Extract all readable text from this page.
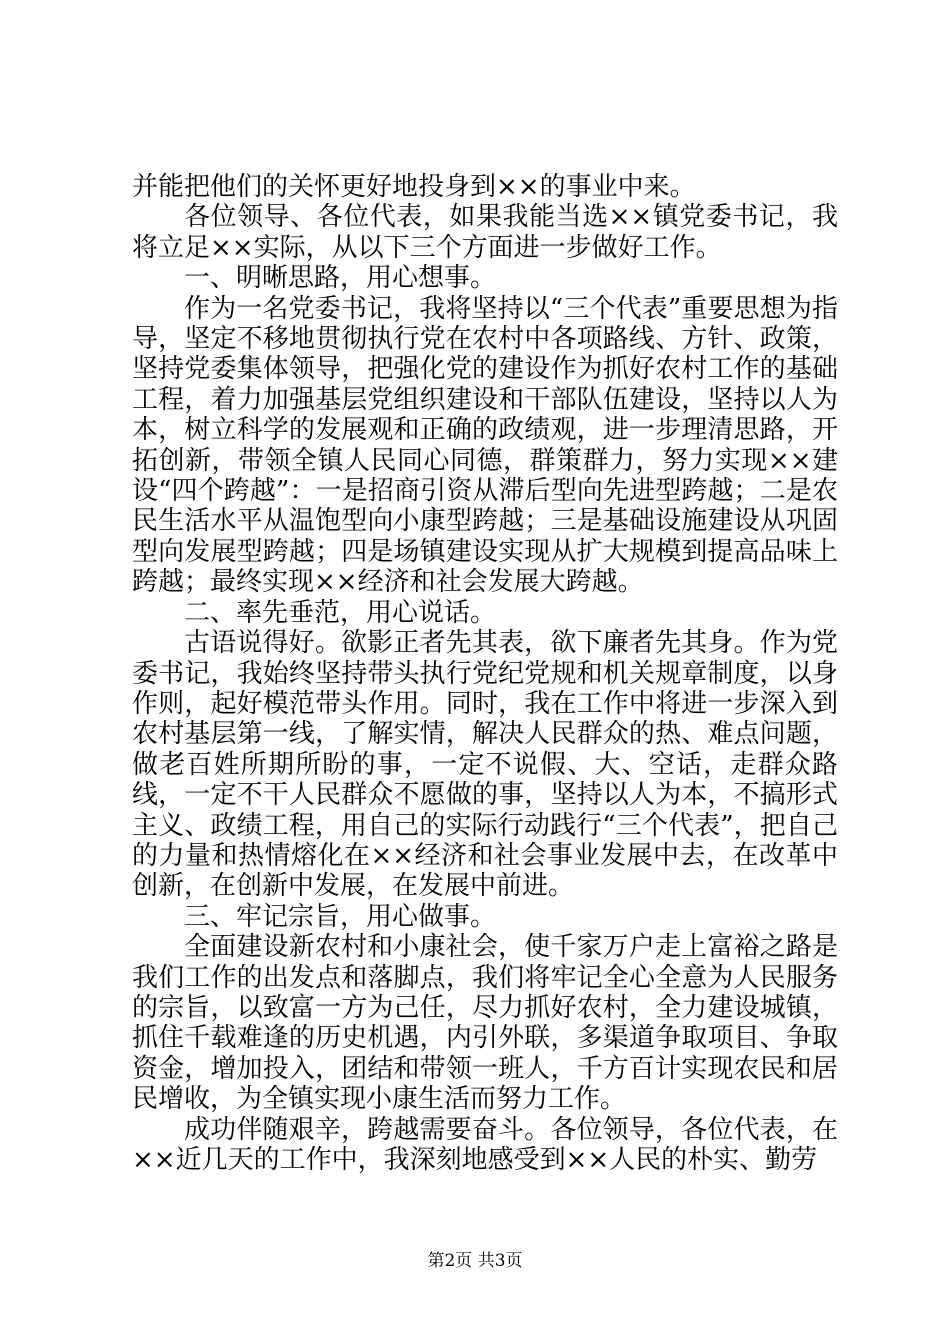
并能把他们的关怀更好地投身到××的事业中来。

各位领导、各位代表，如果我能当选××镇党委书记，我将立足××实际，从以下三个方面进一步做好工作。

一、明晰思路，用心想事。

作为一名党委书记，我将坚持以“三个代表”重要思想为指导，坚定不移地贯彻执行党在农村中各项路线、方针、政策，坚持党委集体领导，把强化党的建设作为抓好农村工作的基础工程，着力加强基层党组织建设和干部队伍建设，坚持以人为本，树立科学的发展观和正确的政绩观，进一步理清思路，开拓创新，带领全镇人民同心同德，群策群力，努力实现××建设“四个跨越”：一是招商引资从滞后型向先进型跨越；二是农民生活水平从温饱型向小康型跨越；三是基础设施建设从巩固型向发展型跨越；四是场镇建设实现从扩大规模到提高品味上跨越；最终实现××经济和社会发展大跨越。

二、率先垂范，用心说话。

古语说得好。欲影正者先其表，欲下廉者先其身。作为党委书记，我始终坚持带头执行党纪党规和机关规章制度，以身作则，起好模范带头作用。同时，我在工作中将进一步深入到农村基层第一线，了解实情，解决人民群众的热、难点问题，做老百姓所期所盼的事，一定不说假、大、空话，走群众路线，一定不干人民群众不愿做的事，坚持以人为本，不搞形式主义、政绩工程，用自己的实际行动践行“三个代表”，把自己的力量和热情熔化在××经济和社会事业发展中去，在改革中创新，在创新中发展，在发展中前进。

三、牢记宗旨，用心做事。

全面建设新农村和小康社会，使千家万户走上富裕之路是我们工作的出发点和落脚点，我们将牢记全心全意为人民服务的宗旨，以致富一方为己任，尽力抓好农村，全力建设城镇，抓住千载难逢的历史机遇，内引外联，多渠道争取项目、争取资金，增加投入，团结和带领一班人，千方百计实现农民和居民增收，为全镇实现小康生活而努力工作。

成功伴随艰辛，跨越需要奋斗。各位领导，各位代表，在××近几天的工作中，我深刻地感受到××人民的朴实、勤劳

第2页 共3页
